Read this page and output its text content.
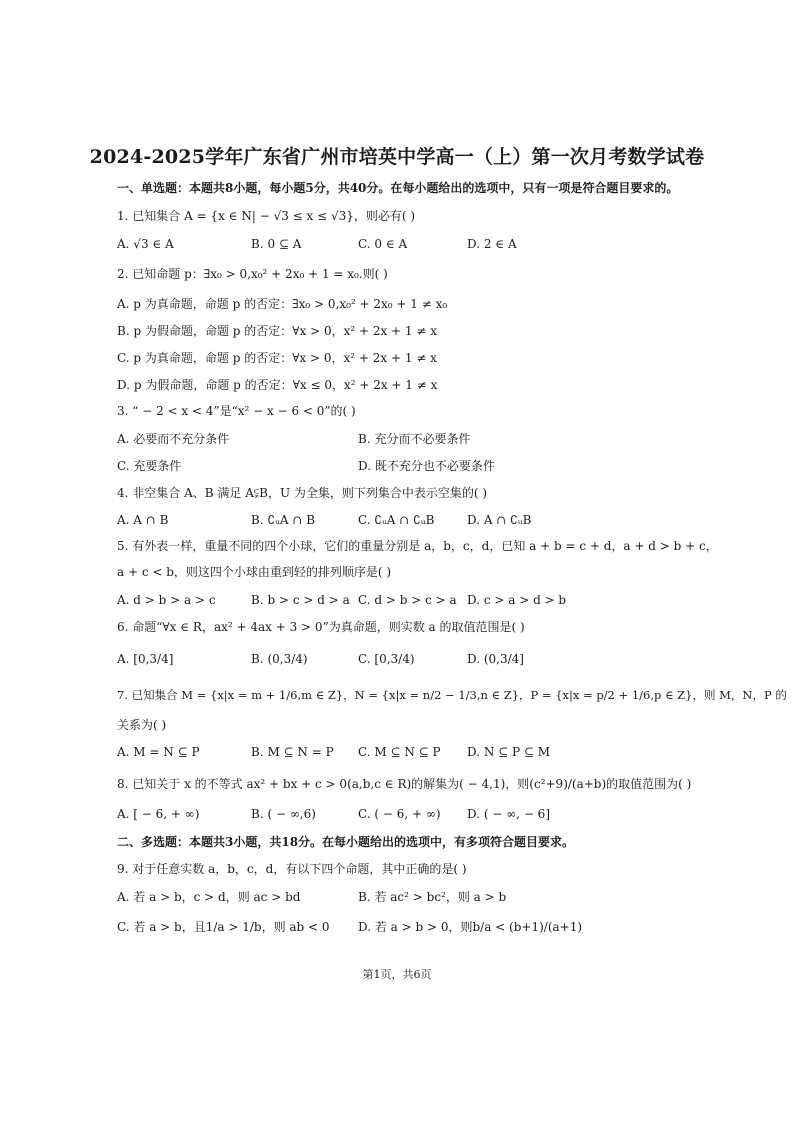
2024-2025学年广东省广州市培英中学高一（上）第一次月考数学试卷
一、单选题：本题共8小题，每小题5分，共40分。在每小题给出的选项中，只有一项是符合题目要求的。
1. 已知集合 A = {x ∈ N| − √3 ≤ x ≤ √3}，则必有( )
A. √3 ∈ A	B. 0 ⊆ A	C. 0 ∈ A	D. 2 ∈ A
2. 已知命题 p：∃x₀ > 0,x₀² + 2x₀ + 1 = x₀.则( )
A. p 为真命题，命题 p 的否定：∃x₀ > 0,x₀² + 2x₀ + 1 ≠ x₀
B. p 为假命题，命题 p 的否定：∀x > 0，x² + 2x + 1 ≠ x
C. p 为真命题，命题 p 的否定：∀x > 0，x² + 2x + 1 ≠ x
D. p 为假命题，命题 p 的否定：∀x ≤ 0，x² + 2x + 1 ≠ x
3. “ − 2 < x < 4”是“x² − x − 6 < 0”的( )
A. 必要而不充分条件	B. 充分而不必要条件
C. 充要条件	D. 既不充分也不必要条件
4. 非空集合 A、B 满足 A⫋B，U 为全集，则下列集合中表示空集的( )
A. A ∩ B	B. ∁ᵤA ∩ B	C. ∁ᵤA ∩ ∁ᵤB	D. A ∩ ∁ᵤB
5. 有外表一样，重量不同的四个小球，它们的重量分别是 a，b，c，d，已知 a + b = c + d，a + d > b + c，
a + c < b，则这四个小球由重到轻的排列顺序是( )
A. d > b > a > c	B. b > c > d > a C. d > b > c > a D. c > a > d > b
6. 命题“∀x ∈ R，ax² + 4ax + 3 > 0”为真命题，则实数 a 的取值范围是( )
A. [0,3/4]	B. (0,3/4)	C. [0,3/4)	D. (0,3/4]
7. 已知集合 M = {x|x = m + 1/6,m ∈ Z}，N = {x|x = n/2 − 1/3,n ∈ Z}，P = {x|x = p/2 + 1/6,p ∈ Z}，则 M，N，P 的
关系为( )
A. M = N ⊆ P	B. M ⊆ N = P C. M ⊆ N ⊆ P D. N ⊆ P ⊆ M
8. 已知关于 x 的不等式 ax² + bx + c > 0(a,b,c ∈ R)的解集为( − 4,1)，则(c²+9)/(a+b)的取值范围为( )
A. [ − 6, + ∞)	B. ( − ∞,6)	C. ( − 6, + ∞) D. ( − ∞, − 6]
二、多选题：本题共3小题，共18分。在每小题给出的选项中，有多项符合题目要求。
9. 对于任意实数 a，b，c，d，有以下四个命题，其中正确的是( )
A. 若 a > b，c > d，则 ac > bd	B. 若 ac² > bc²，则 a > b
C. 若 a > b，且1/a > 1/b，则 ab < 0 D. 若 a > b > 0，则b/a < (b+1)/(a+1)
第1页，共6页
